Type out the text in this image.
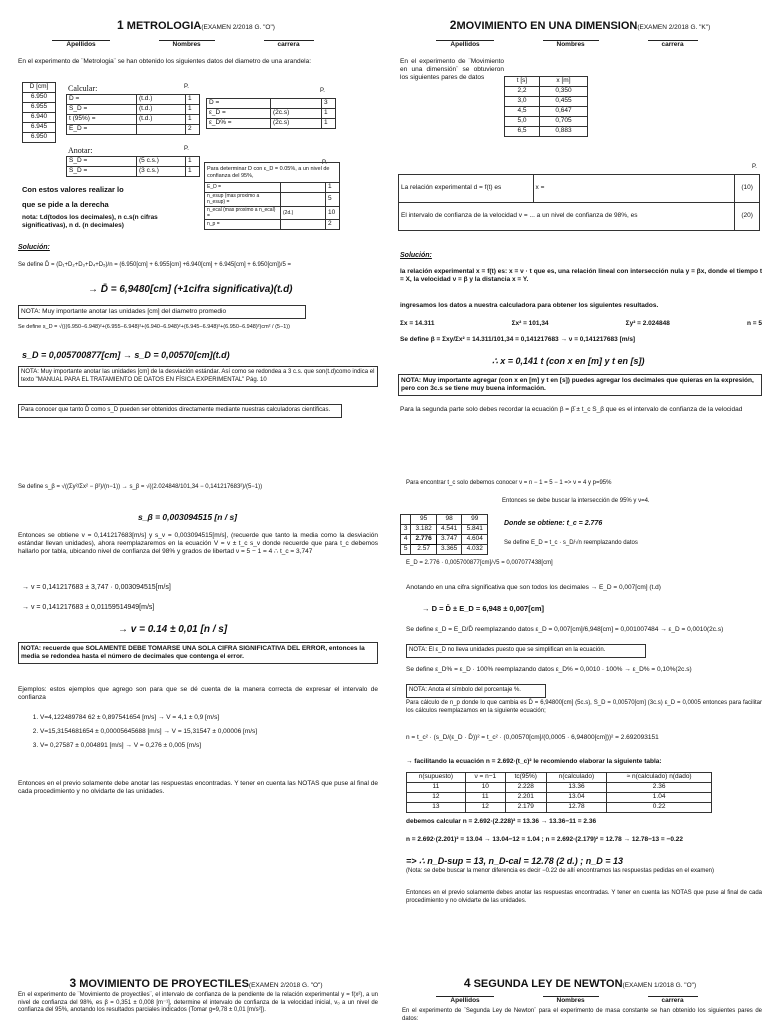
1 METROLOGIA(EXAMEN 2/2018 G. "O")
Apellidos	Nombres	carrera
En el experimento de ¨Metrologia¨ se han obtenido los siguientes datos del diametro de una arandela:
D [cm]
6.950
6.955
6.940
6.945
6.950
Calcular:	P.
D̄ =	(t.d.)	1
S_D =	(t.d.)	1
t (95%) =	(t.d.)	1
E_D =		2
P.
D =		3
ε_D =	(2c.s)	1
ε_D% =	(2c.s)	1
Anotar:	P.
S_D̄ =	(5 c.s.)	1
S_D =	(3 c.s.)	1
P.
Para determinar D con ε_D = 0.05%, a un nivel de confianza del 95%,		
E_D =		1
n_esup (mas proximo a n_esup) =		5
n_ecal (mas proximo a n_ecal) =	(2d.)	10
n_p =		2
Con estos valores realizar lo
que se pide a la derecha
nota: t.d(todos los decimales), n c.s(n cifras significativas), n d. (n decimales)
Solución:
Se define D̄ = (D₁+D₂+D₃+D₄+D₅)/n = (6.950[cm] + 6.955[cm] +6.940[cm] + 6.945[cm] + 6.950[cm])/5 =
→ D̄ = 6,9480[cm] (+1cifra significativa)(t.d)
NOTA: Muy importante anotar las unidades [cm] del diametro promedio
Se define s_D = √(((6.950−6.948)²+(6.955−6.948)²+(6.940−6.948)²+(6.945−6.948)²+(6.950−6.948)²)cm² / (5−1))
s_D = 0,005700877[cm] → s_D = 0,00570[cm](t.d)
NOTA: Muy importante anotar las unidades [cm] de la desviación estándar. Así como se redondea a 3 c.s. que son(t.d)como indica el texto "MANUAL PARA EL TRATAMIENTO DE DATOS EN FÍSICA EXPERIMENTAL" Pág. 10
Para conocer que tanto D̄ como s_D pueden ser obtenidos directamente mediante nuestras calculadoras científicas.
Se define s_β = √((Σy²/Σx² − β²)/(n−1)) → s_β = √((2.024848/101,34 − 0,141217683²)/(5−1))
s_β = 0,003094515 [n / s]
Entonces se obtiene v = 0,141217683[m/s] y s_v = 0,003094515[m/s], (recuerde que tanto la media como la desviación estándar llevan unidades), ahora reemplazaremos en la ecuación V = v ± t_c s_v donde recuerde que para t_c debemos hallarlo por tabla, ubicando nivel de confianza del 98% y grados de libertad ν = 5 − 1 = 4 ∴ t_c = 3,747
→ v = 0,141217683 ± 3,747 · 0,003094515[m/s]
→ v = 0,141217683 ± 0,01159514949[m/s]
→ v = 0.14 ± 0,01 [n / s]
NOTA: recuerde que SOLAMENTE DEBE TOMARSE UNA SOLA CIFRA SIGNIFICATIVA DEL ERROR, entonces la media se redondea hasta el número de decimales que contenga el error.
Ejemplos: estos ejemplos que agrego son para que se dé cuenta de la manera correcta de expresar el intervalo de confianza
1. V=4,122489784 62 ± 0,897541654 [m/s] → V = 4,1 ± 0,9 [m/s]
2. V=15,3154681654 ± 0,00005645688 [m/s] → V = 15,31547 ± 0,00006 [m/s]
3. V= 0,27587 ± 0,004891 [m/s] → V = 0,276 ± 0,005 [m/s]
Entonces en el previo solamente debe anotar las respuestas encontradas. Y tener en cuenta las NOTAS que puse al final de cada procedimiento y no olvidarte de las unidades.
3 MOVIMIENTO DE PROYECTILES(EXAMEN 2/2018 G. "O")
En el experimento de ¨Movimiento de proyectiles¨, el intervalo de confianza de la pendiente de la relación experimental y = f(x²), a un nivel de confianza del 98%, es β = 0,351 ± 0,008 [m⁻¹], determine el intervalo de confianza de la velocidad inicial, v₀ a un nivel de confianza del 95%, anotando los resultados parciales indicados (Tomar g=9,78 ± 0,01 [m/s²]).
2MOVIMIENTO EN UNA DIMENSION(EXAMEN 2/2018 G. "K")
Apellidos	Nombres	carrera
En el experimento de ¨Movimiento en una dimensión¨ se obtuvieron los siguientes pares de datos	t [s]	x [m]
2,2	0,350
3,0	0,455
4,5	0,647
5,0	0,705
6,5	0,883
P.
La relación experimental d = f(t) es	x =	(10)
El intervalo de confianza de la velocidad v = ... a un nivel de confianza de 98%, es		(20)
Solución:
la relación experimental x = f(t) es: x = ν · t que es, una relación lineal con intersección nula y = βx, donde el tiempo t = X, la velocidad ν = β y la distancia x = Y.
ingresamos los datos a nuestra calculadora para obtener los siguientes resultados.
Σx = 14.311	Σx² = 101,34	Σy² = 2.024848	n = 5
Se define β = Σxy/Σx² = 14.311/101,34 = 0,141217683 → ν = 0,141217683 [m/s]
∴ x = 0,141 t (con x en [m] y t en [s])
NOTA: Muy importante agregar (con x en [m] y t en [s]) puedes agregar los decimales que quieras en la expresión, pero con 3c.s se tiene muy buena información.
Para la segunda parte solo debes recordar la ecuación β = β̄ ± t_c S_β que es el intervalo de confianza de la velocidad
Para encontrar t_c solo debemos conocer ν = n − 1 = 5 − 1 => ν = 4 y p=95%
Entonces se debe buscar la intersección de 95% y ν=4.
	95	98	99
3	3.182	4.541	5.841
4	2.776	3.747	4.604
5	2.57	3.365	4.032
Donde se obtiene: t_c = 2.776
Se define E_D = t_c · s_D/√n reemplazando datos
E_D = 2.776 · 0,005700877[cm]/√5 = 0,007077438[cm]
Anotando en una cifra significativa que son todos los decimales → E_D = 0,007[cm] (t.d)
→ D = D̄ ± E_D = 6,948 ± 0,007[cm]
Se define ε_D = E_D/D̄ reemplazando datos ε_D = 0,007[cm]/6,948[cm] = 0,001007484 → ε_D = 0,0010(2c.s)
NOTA: El ε_D no lleva unidades puesto que se simplifican en la ecuación.
Se define ε_D% = ε_D · 100% reemplazando datos ε_D% = 0,0010 · 100% → ε_D% = 0,10%(2c.s)
NOTA: Anota el símbolo del porcentaje %.
Para cálculo de n_p donde lo que cambia es D̄ = 6,94800[cm] (5c.s), S_D = 0,00570[cm] (3c.s) ε_D = 0,0005 entonces para facilitar los cálculos reemplazamos en la siguiente ecuación;
n = t_c² · (s_D/(ε_D · D̄))² = t_c² · (0,00570[cm]/(0,0005 · 6,94800[cm]))² = 2.692093151
→ facilitando la ecuación n = 2.692·(t_c)² le recomiendo elaborar la siguiente tabla:
n(supuesto)	ν = n−1	tc(95%)	n(calculado)	≈ n(calculado) n(dado)
11	10	2.228	13.36	2.36
12	11	2.201	13.04	1.04
13	12	2.179	12.78	0.22
debemos calcular n = 2.692·(2.228)² = 13.36 → 13.36−11 = 2.36
n = 2.692·(2.201)² = 13.04 → 13.04−12 = 1.04 ; n = 2.692·(2.179)² = 12.78 → 12.78−13 = −0.22
=> ∴ n_D-sup = 13, n_D-cal = 12.78 (2 d.) ; n_D = 13
(Nota: se debe buscar la menor diferencia es decir −0.22 de allí encontramos las respuestas pedidas en el examen)
Entonces en el previo solamente debes anotar las respuestas encontradas. Y tener en cuenta las NOTAS que puse al final de cada procedimiento y no olvidarte de las unidades.
4 SEGUNDA LEY DE NEWTON(EXAMEN 1/2018 G. "O")
Apellidos	Nombres	carrera
En el experimento de ¨Segunda Ley de Newton¨ para el experimento de masa constante se han obtenido los siguientes pares de datos:
